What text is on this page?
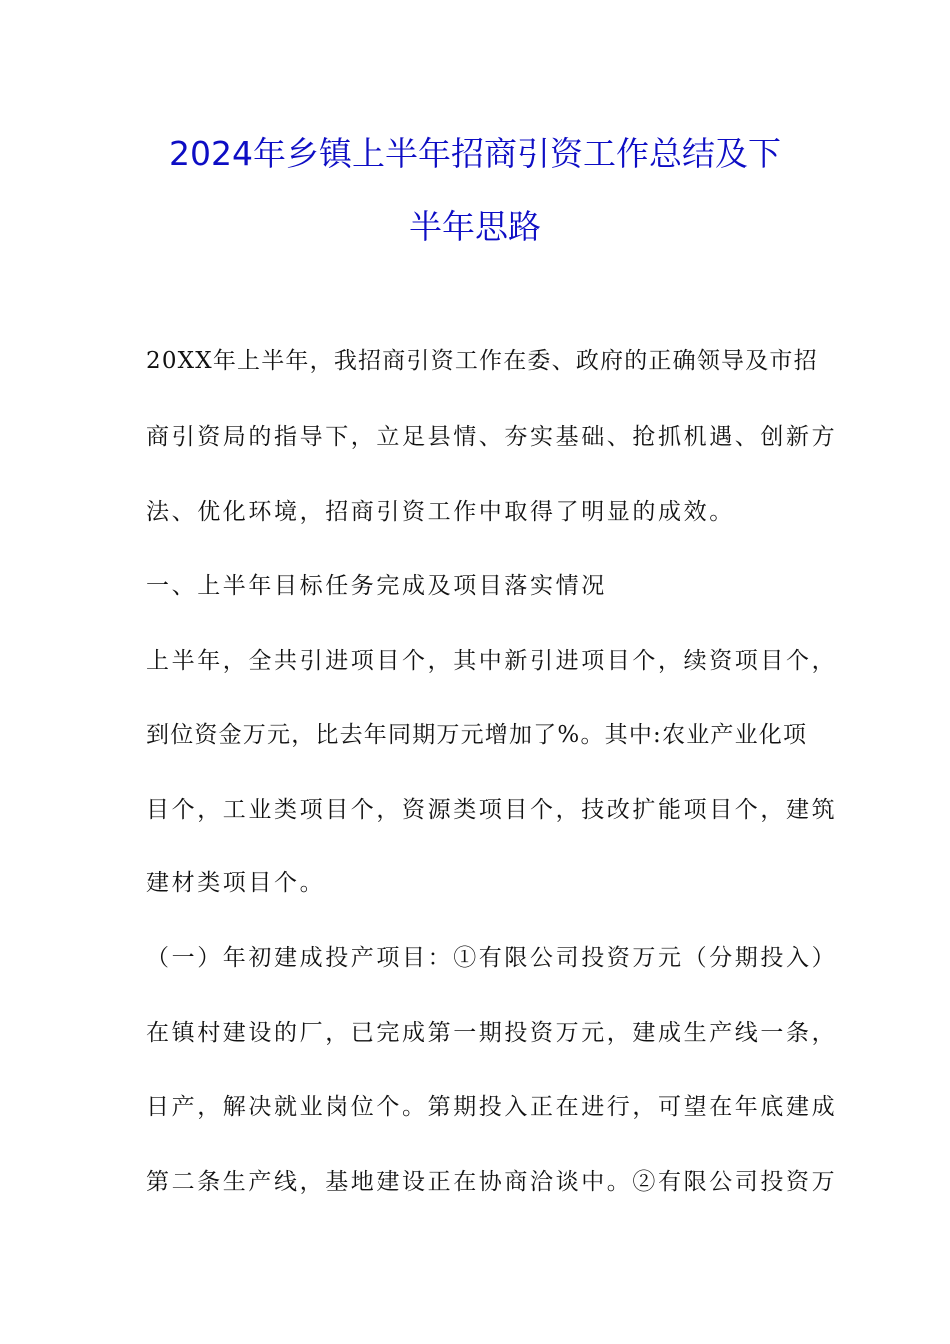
2024年乡镇上半年招商引资工作总结及下
半年思路
20XX年上半年，我招商引资工作在委、政府的正确领导及市招
商引资局的指导下，立足县情、夯实基础、抢抓机遇、创新方
法、优化环境，招商引资工作中取得了明显的成效。
一、上半年目标任务完成及项目落实情况
上半年，全共引进项目个，其中新引进项目个，续资项目个，
到位资金万元，比去年同期万元增加了%。其中:农业产业化项
目个，工业类项目个，资源类项目个，技改扩能项目个，建筑
建材类项目个。
（一）年初建成投产项目：①有限公司投资万元（分期投入）
在镇村建设的厂，已完成第一期投资万元，建成生产线一条，
日产，解决就业岗位个。第期投入正在进行，可望在年底建成
第二条生产线，基地建设正在协商洽谈中。②有限公司投资万
